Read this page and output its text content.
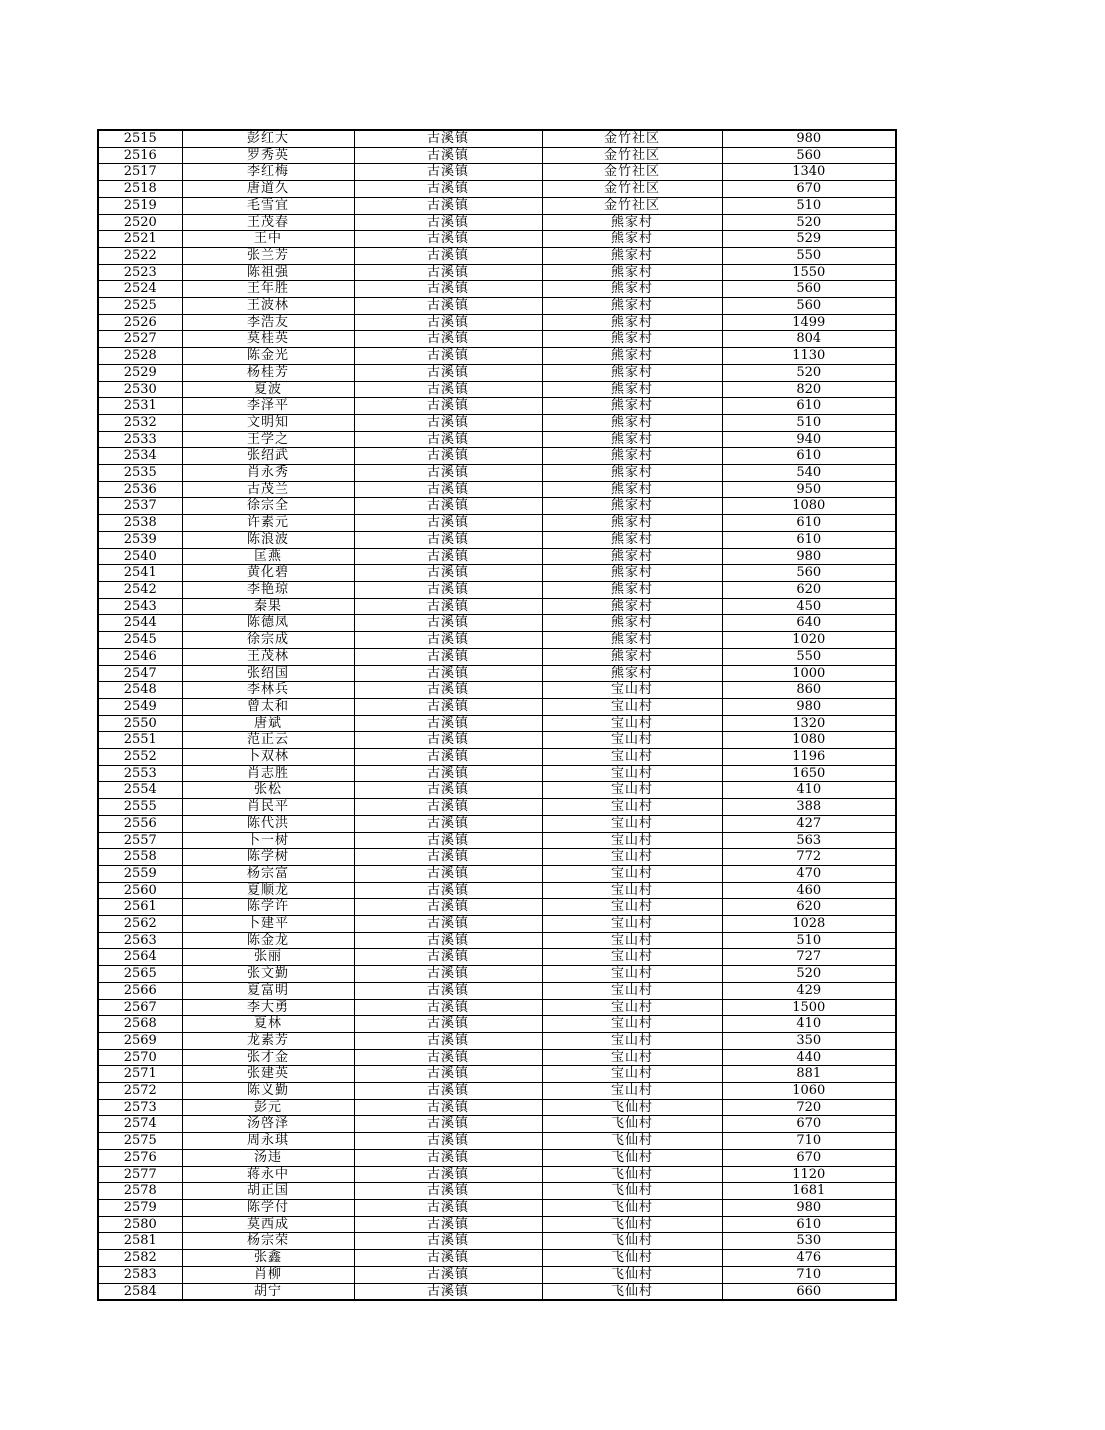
2515	彭红大	古溪镇	金竹社区	980
2516	罗秀英	古溪镇	金竹社区	560
2517	李红梅	古溪镇	金竹社区	1340
2518	唐道久	古溪镇	金竹社区	670
2519	毛雪宜	古溪镇	金竹社区	510
2520	王茂春	古溪镇	熊家村	520
2521	王中	古溪镇	熊家村	529
2522	张兰芳	古溪镇	熊家村	550
2523	陈祖强	古溪镇	熊家村	1550
2524	王年胜	古溪镇	熊家村	560
2525	王波林	古溪镇	熊家村	560
2526	李浩友	古溪镇	熊家村	1499
2527	莫桂英	古溪镇	熊家村	804
2528	陈金光	古溪镇	熊家村	1130
2529	杨桂芳	古溪镇	熊家村	520
2530	夏波	古溪镇	熊家村	820
2531	李泽平	古溪镇	熊家村	610
2532	文明知	古溪镇	熊家村	510
2533	王学之	古溪镇	熊家村	940
2534	张绍武	古溪镇	熊家村	610
2535	肖永秀	古溪镇	熊家村	540
2536	古茂兰	古溪镇	熊家村	950
2537	徐宗全	古溪镇	熊家村	1080
2538	许素元	古溪镇	熊家村	610
2539	陈浪波	古溪镇	熊家村	610
2540	匡燕	古溪镇	熊家村	980
2541	黄化碧	古溪镇	熊家村	560
2542	李艳琼	古溪镇	熊家村	620
2543	秦果	古溪镇	熊家村	450
2544	陈德凤	古溪镇	熊家村	640
2545	徐宗成	古溪镇	熊家村	1020
2546	王茂林	古溪镇	熊家村	550
2547	张绍国	古溪镇	熊家村	1000
2548	李林兵	古溪镇	宝山村	860
2549	曾太和	古溪镇	宝山村	980
2550	唐斌	古溪镇	宝山村	1320
2551	范正云	古溪镇	宝山村	1080
2552	卜双林	古溪镇	宝山村	1196
2553	肖志胜	古溪镇	宝山村	1650
2554	张松	古溪镇	宝山村	410
2555	肖民平	古溪镇	宝山村	388
2556	陈代洪	古溪镇	宝山村	427
2557	卜一树	古溪镇	宝山村	563
2558	陈学树	古溪镇	宝山村	772
2559	杨宗富	古溪镇	宝山村	470
2560	夏顺龙	古溪镇	宝山村	460
2561	陈学许	古溪镇	宝山村	620
2562	卜建平	古溪镇	宝山村	1028
2563	陈金龙	古溪镇	宝山村	510
2564	张丽	古溪镇	宝山村	727
2565	张文勤	古溪镇	宝山村	520
2566	夏富明	古溪镇	宝山村	429
2567	李大勇	古溪镇	宝山村	1500
2568	夏林	古溪镇	宝山村	410
2569	龙素芳	古溪镇	宝山村	350
2570	张才金	古溪镇	宝山村	440
2571	张建英	古溪镇	宝山村	881
2572	陈义勤	古溪镇	宝山村	1060
2573	彭元	古溪镇	飞仙村	720
2574	汤啓泽	古溪镇	飞仙村	670
2575	周永琪	古溪镇	飞仙村	710
2576	汤违	古溪镇	飞仙村	670
2577	蒋永中	古溪镇	飞仙村	1120
2578	胡正国	古溪镇	飞仙村	1681
2579	陈学付	古溪镇	飞仙村	980
2580	莫西成	古溪镇	飞仙村	610
2581	杨宗荣	古溪镇	飞仙村	530
2582	张鑫	古溪镇	飞仙村	476
2583	肖柳	古溪镇	飞仙村	710
2584	胡宁	古溪镇	飞仙村	660
